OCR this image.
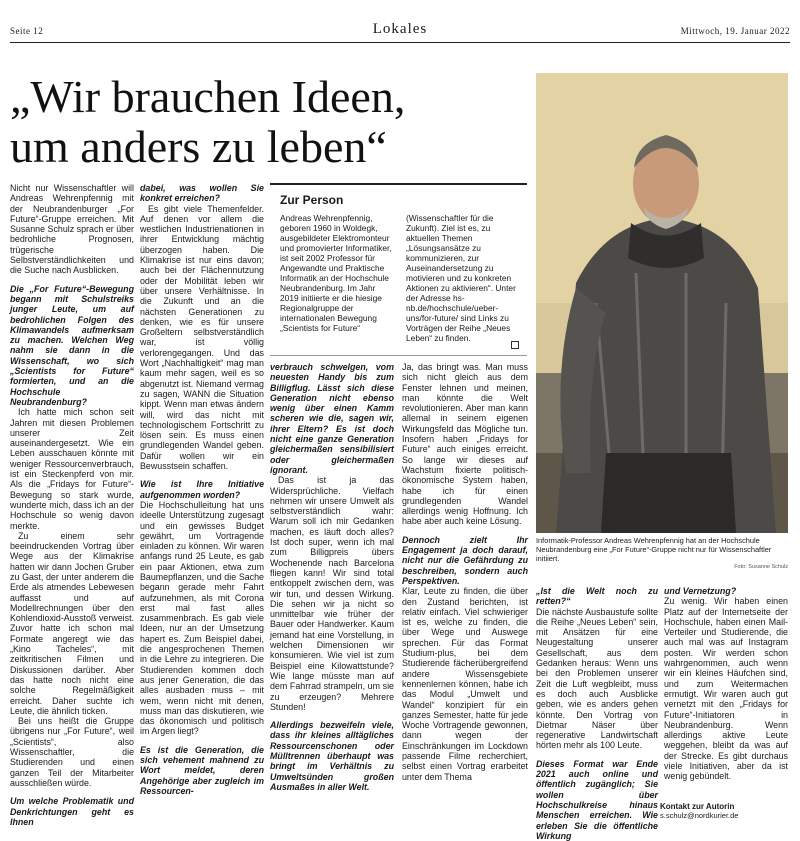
Seite 12	Lokales	Mittwoch, 19. Januar 2022
„Wir brauchen Ideen,
um anders zu leben“
Informatik-Professor Andreas Wehrenpfennig hat an der Hochschule Neubrandenburg eine „For Future“-Gruppe nicht nur für Wissenschaftler initiiert.
Foto: Susanne Schulz

Nicht nur Wissenschaftler will Andreas Wehrenpfennig mit der Neubrandenburger „For Future“-Gruppe erreichen. Mit Susanne Schulz sprach er über bedrohliche Prognosen, trügerische Selbstverständlichkeiten und die Suche nach Ausblicken.

Die „For Future“-Bewegung begann mit Schulstreiks junger Leute, um auf bedrohlichen Folgen des Klimawandels aufmerksam zu machen. Welchen Weg nahm sie dann in die Wissenschaft, wo sich „Scientists for Future“ formierten, und an die Hochschule Neubrandenburg?

Ich hatte mich schon seit Jahren mit diesen Problemen unserer Zeit auseinandergesetzt. Wie ein Leben ausschauen könnte mit weniger Ressourcenverbrauch, ist ein Steckenpferd von mir. Als die „Fridays for Future“-Bewegung so stark wurde, wunderte mich, dass ich an der Hochschule so wenig davon merkte.

Zu einem sehr beeindruckenden Vortrag über Wege aus der Klimakrise hatten wir dann Jochen Gruber zu Gast, der unter anderem die Erde als atmendes Lebewesen auffasst und auf Modellrechnungen über den Kohlendioxid-Ausstoß verweist. Zuvor hatte ich schon mal Formate angeregt wie das „Kino Tacheles“, mit zeitkritischen Filmen und Diskussionen darüber. Aber das hatte noch nicht eine solche Regelmäßigkeit erreicht. Daher suchte ich Leute, die ähnlich ticken.

Bei uns heißt die Gruppe übrigens nur „For Future“, weil „Scientists“, also Wissenschaftler, die Studierenden und einen ganzen Teil der Mitarbeiter ausschließen würde.

Um welche Problematik und Denkrichtungen geht es Ihnen

dabei, was wollen Sie konkret erreichen?

Es gibt viele Themenfelder. Auf denen vor allem die westlichen Industrienationen in ihrer Entwicklung mächtig überzogen haben. Die Klimakrise ist nur eins davon; auch bei der Flächennutzung oder der Mobilität leben wir über unsere Verhältnisse. In die Zukunft und an die nächsten Generationen zu denken, wie es für unsere Großeltern selbstverständlich war, ist völlig verlorengegangen. Und das Wort „Nachhaltigkeit“ mag man kaum mehr sagen, weil es so abgenutzt ist. Niemand vermag zu sagen, WANN die Situation kippt. Wenn man etwas ändern will, wird das nicht mit technologischem Fortschritt zu lösen sein. Es muss einen grundlegenden Wandel geben. Dafür wollen wir ein Bewusstsein schaffen.

Wie ist Ihre Initiative aufgenommen worden?

Die Hochschulleitung hat uns ideelle Unterstützung zugesagt und ein gewisses Budget gewährt, um Vortragende einladen zu können. Wir waren anfangs rund 25 Leute, es gab ein paar Aktionen, etwa zum Baumepflanzen, und die Sache begann gerade mehr Fahrt aufzunehmen, als mit Corona erst mal fast alles zusammenbrach. Es gab viele Ideen, nur an der Umsetzung hapert es. Zum Beispiel dabei, die angesprochenen Themen in die Lehre zu integrieren. Die Studierenden kommen doch aus jener Generation, die das alles ausbaden muss – mit wem, wenn nicht mit denen, muss man das diskutieren, wie das ökonomisch und politisch im Argen liegt?

Es ist die Generation, die sich vehement mahnend zu Wort meldet, deren Angehörige aber zugleich im Ressourcen-

Zur Person
Andreas Wehrenpfennig, geboren 1960 in Woldegk, ausgebildeter Elektromonteur und promovierter Informatiker, ist seit 2002 Professor für Angewandte und Praktische Informatik an der Hochschule Neubrandenburg. Im Jahr 2019 initiierte er die hiesige Regionalgruppe der internationalen Bewegung „Scientists for Future“
(Wissenschaftler für die Zukunft). Ziel ist es, zu aktuellen Themen „Lösungsansätze zu kommunizieren, zur Auseinandersetzung zu motivieren und zu konkreten Aktionen zu aktivieren“. Unter der Adresse hs-nb.de/hochschule/ueber-uns/for-future/ sind Links zu Vorträgen der Reihe „Neues Leben“ zu finden.

verbrauch schwelgen, vom neuesten Handy bis zum Billigflug. Lässt sich diese Generation nicht ebenso wenig über einen Kamm scheren wie die, sagen wir, ihrer Eltern? Es ist doch nicht eine ganze Generation gleichermaßen sensibilisiert oder gleichermaßen ignorant.

Das ist ja das Widersprüchliche. Vielfach nehmen wir unsere Umwelt als selbstverständlich wahr: Warum soll ich mir Gedanken machen, es läuft doch alles? Ist doch super, wenn ich mal zum Billigpreis übers Wochenende nach Barcelona fliegen kann! Wir sind total entkoppelt zwischen dem, was wir tun, und dessen Wirkung. Die sehen wir ja nicht so unmittelbar wie früher der Bauer oder Handwerker. Kaum jemand hat eine Vorstellung, in welchen Dimensionen wir konsumieren. Wie viel ist zum Beispiel eine Kilowattstunde? Wie lange müsste man auf dem Fahrrad strampeln, um sie zu erzeugen? Mehrere Stunden!

Allerdings bezweifeln viele, dass ihr kleines alltägliches Ressourcenschonen oder Mülltrennen überhaupt was bringt im Verhältnis zu Umweltsünden großen Ausmaßes in aller Welt.

Ja, das bringt was. Man muss sich nicht gleich aus dem Fenster lehnen und meinen, man könnte die Welt revolutionieren. Aber man kann allemal in seinem eigenen Wirkungsfeld das Mögliche tun. Insofern haben „Fridays for Future“ auch einiges erreicht. So lange wir dieses auf Wachstum fixierte politisch-ökonomische System haben, habe ich für einen grundlegenden Wandel allerdings wenig Hoffnung. Ich habe aber auch keine Lösung.

Dennoch zielt Ihr Engagement ja doch darauf, nicht nur die Gefährdung zu beschreiben, sondern auch Perspektiven.

Klar, Leute zu finden, die über den Zustand berichten, ist relativ einfach. Viel schwieriger ist es, welche zu finden, die über Wege und Auswege sprechen. Für das Format Studium-plus, bei dem Studierende fächerübergreifend andere Wissensgebiete kennenlernen können, habe ich das Modul „Umwelt und Wandel“ konzipiert für ein ganzes Semester, hatte für jede Woche Vortragende gewonnen, dann wegen der Einschränkungen im Lockdown passende Filme recherchiert, selbst einen Vortrag erarbeitet unter dem Thema

„Ist die Welt noch zu retten?“

Die nächste Ausbaustufe sollte die Reihe „Neues Leben“ sein, mit Ansätzen für eine Neugestaltung unserer Gesellschaft, aus dem Gedanken heraus: Wenn uns bei den Problemen unserer Zeit die Luft wegbleibt, muss es doch auch Ausblicke geben, wie es anders gehen könnte. Den Vortrag von Dietmar Näser über regenerative Landwirtschaft hörten mehr als 100 Leute.

Dieses Format war Ende 2021 auch online und öffentlich zugänglich; Sie wollen über Hochschulkreise hinaus Menschen erreichen. Wie erleben Sie die öffentliche Wirkung

und Vernetzung?

Zu wenig. Wir haben einen Platz auf der Internetseite der Hochschule, haben einen Mail-Verteiler und Studierende, die auch mal was auf Instagram posten. Wir werden schon wahrgenommen, auch wenn wir ein kleines Häufchen sind, und zum Weitermachen ermutigt. Wir waren auch gut vernetzt mit den „Fridays for Future“-Initiatoren in Neubrandenburg. Wenn allerdings aktive Leute weggehen, bleibt da was auf der Strecke. Es gibt durchaus viele Initiativen, aber da ist wenig gebündelt.

Kontakt zur Autorin
s.schulz@nordkurier.de
